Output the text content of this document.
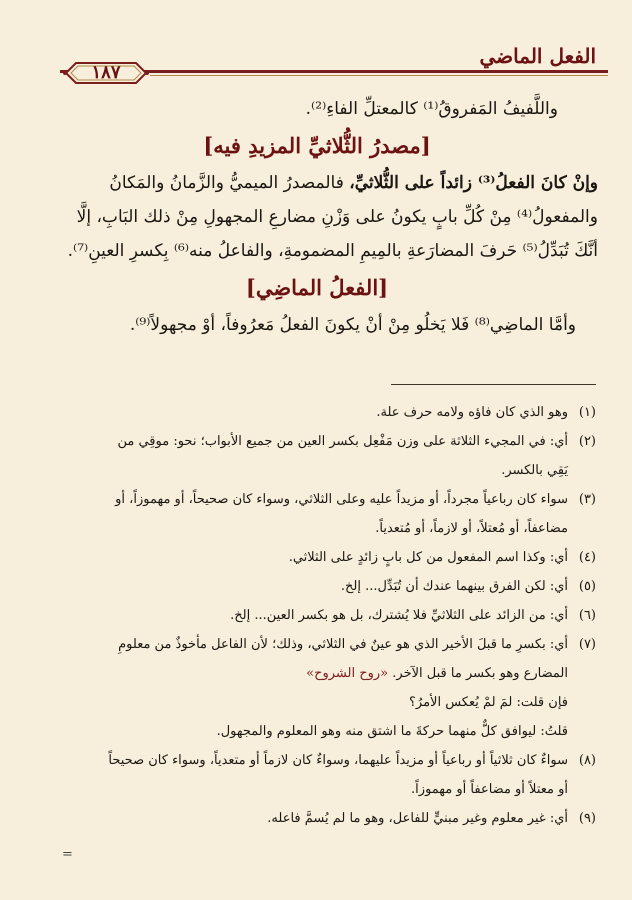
الفعل الماضي
١٨٧

واللَّفيفُ المَفروقُ⁽¹⁾ كالمعتلِّ الفاءِ⁽²⁾.

[مصدرُ الثُّلاثيِّ المزيدِ فيه]

وإنْ كانَ الفعلُ⁽³⁾ زائداً على الثُّلاثيِّ، فالمصدرُ الميميُّ والزَّمانُ والمَكانُ

والمفعولُ⁽⁴⁾ مِنْ كُلِّ بابٍ يكونُ على وَزْنِ مضارعِ المجهولِ مِنْ ذلك البَابِ، إلَّا

أنَّكَ تُبَدِّلُ⁽⁵⁾ حَرفَ المضارَعةِ بالمِيمِ المضمومةِ، والفاعلُ منه⁽⁶⁾ بِكسرِ العينِ⁽⁷⁾.

[الفعلُ الماضِي]

وأمَّا الماضِي⁽⁸⁾ فَلا يَخلُو مِنْ أنْ يكونَ الفعلُ مَعرُوفاً، أوْ مجهولاً⁽⁹⁾.

(١)
وهو الذي كان فاؤه ولامه حرف علة.

(٢)
أي: في المجيء الثلاثة على وزن مَفْعِل بكسر العين من جميع الأبواب؛ نحو: موقِي من

يَقِي بالكسر.

(٣)
سواء كان رباعياً مجرداً، أو مزيداً عليه وعلى الثلاثي، وسواء كان صحيحاً، أو مهموزاً، أو

مضاعفاً، أو مُعتلاً، أو لازماً، أو مُتعدياً.

(٤)
أي: وكذا اسم المفعول من كل بابٍ زائدٍ على الثلاثي.

(٥)
أي: لكن الفرق بينهما عندك أن تُبَدِّل... إلخ.

(٦)
أي: من الزائد على الثلاثيِّ فلا يُشترك، بل هو بكسر العين... إلخ.

(٧)
أي: بكسرِ ما قبلَ الأخير الذي هو عينٌ في الثلاثي، وذلك؛ لأن الفاعل مأخوذٌ من معلومِ

المضارع وهو بكسر ما قبل الآخر. «روح الشروح»

فإن قلت: لمَ لمْ يُعكس الأمرُ؟

قلتُ: ليوافق كلٌّ منهما حركةَ ما اشتق منه وهو المعلوم والمجهول.

(٨)
سواءٌ كان ثلاثياً أو رباعياً أو مزيداً عليهما، وسواءٌ كان لازماً أو متعدياً، وسواء كان صحيحاً

أو معتلاً أو مضاعفاً أو مهموزاً.

(٩)
أي: غير معلوم وغير مبنيٍّ للفاعل، وهو ما لم يُسمَّ فاعله.

=
